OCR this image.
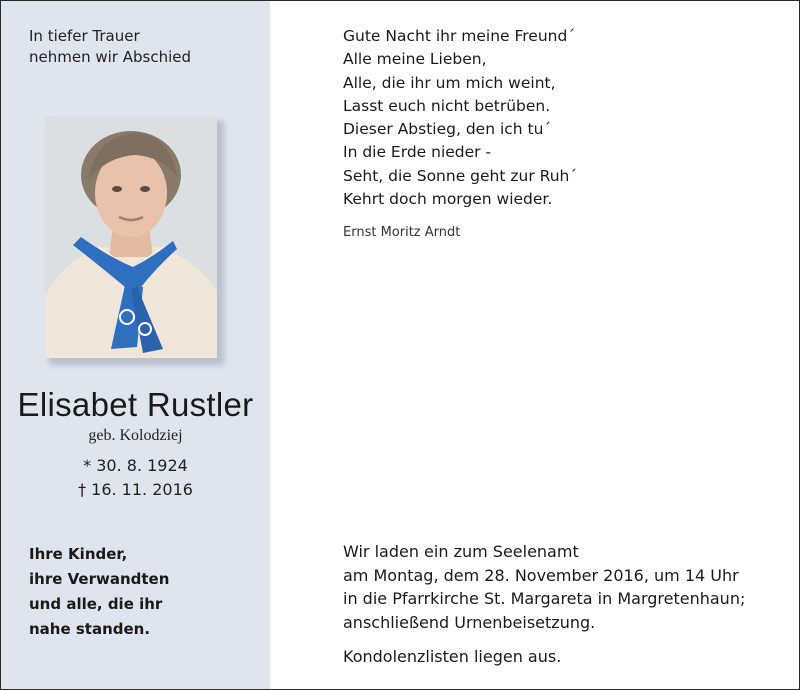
In tiefer Trauer
nehmen wir Abschied
Elisabet Rustler
geb. Kolodziej
* 30. 8. 1924
† 16. 11. 2016
Ihre Kinder,
ihre Verwandten
und alle, die ihr
nahe standen.
Gute Nacht ihr meine Freund´
Alle meine Lieben,
Alle, die ihr um mich weint,
Lasst euch nicht betrüben.
Dieser Abstieg, den ich tu´
In die Erde nieder -
Seht, die Sonne geht zur Ruh´
Kehrt doch morgen wieder.
Ernst Moritz Arndt
Wir laden ein zum Seelenamt
am Montag, dem 28. November 2016, um 14 Uhr
in die Pfarrkirche St. Margareta in Margretenhaun;
anschließend Urnenbeisetzung.
Kondolenzlisten liegen aus.
